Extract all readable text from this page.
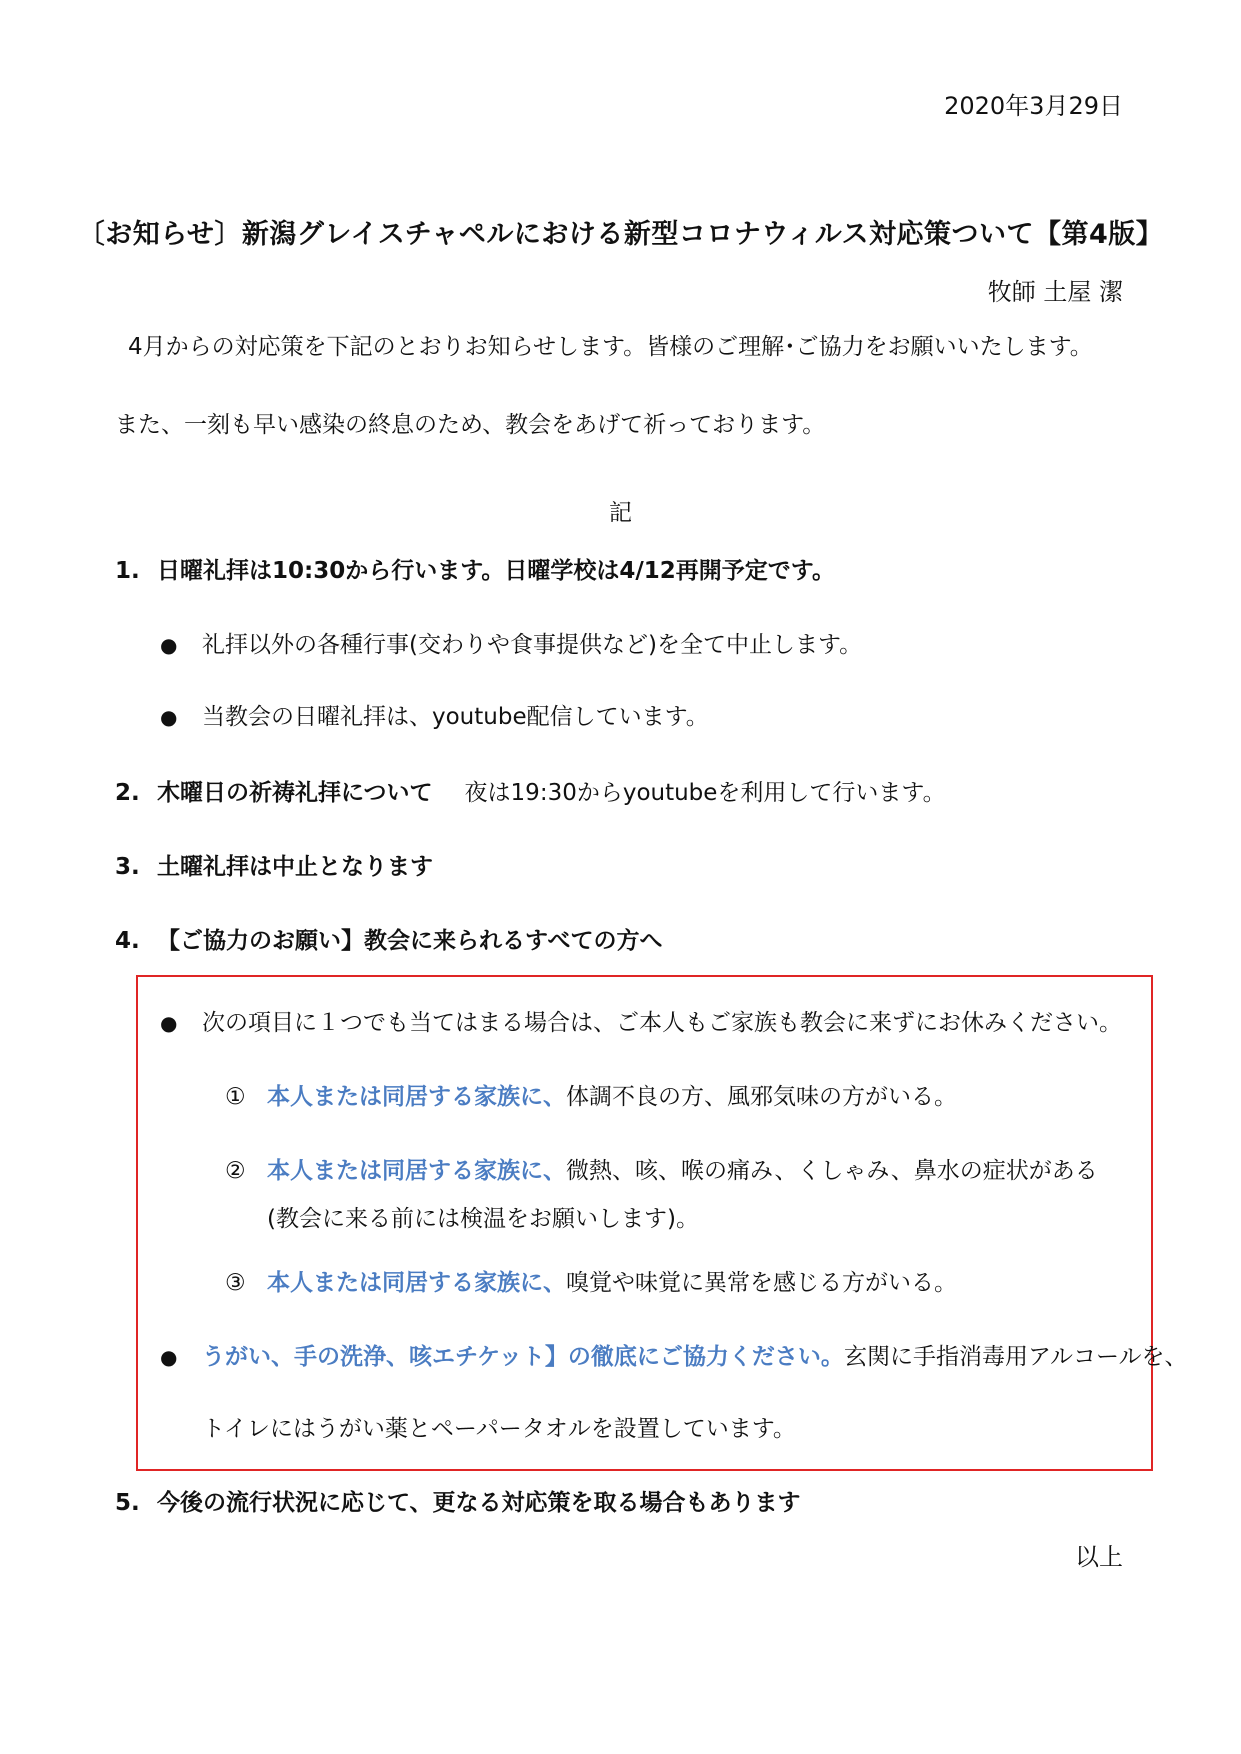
2020年3月29日
〔お知らせ〕新潟グレイスチャペルにおける新型コロナウィルス対応策ついて【第4版】
牧師 土屋 潔
4月からの対応策を下記のとおりお知らせします。皆様のご理解･ご協力をお願いいたします。
また、一刻も早い感染の終息のため、教会をあげて祈っております。
記
1. 日曜礼拝は10:30から行います。日曜学校は4/12再開予定です。
● 礼拝以外の各種行事(交わりや食事提供など)を全て中止します。
● 当教会の日曜礼拝は、youtube配信しています。
2. 木曜日の祈祷礼拝について 夜は19:30からyoutubeを利用して行います。
3. 土曜礼拝は中止となります
4. 【ご協力のお願い】教会に来られるすべての方へ
● 次の項目に１つでも当てはまる場合は、ご本人もご家族も教会に来ずにお休みください。
① 本人または同居する家族に、体調不良の方、風邪気味の方がいる。
② 本人または同居する家族に、微熱、咳、喉の痛み、くしゃみ、鼻水の症状がある
(教会に来る前には検温をお願いします)。
③ 本人または同居する家族に、嗅覚や味覚に異常を感じる方がいる。
● うがい、手の洗浄、咳エチケット】の徹底にご協力ください。玄関に手指消毒用アルコールを、
トイレにはうがい薬とペーパータオルを設置しています。
5. 今後の流行状況に応じて、更なる対応策を取る場合もあります
以上
